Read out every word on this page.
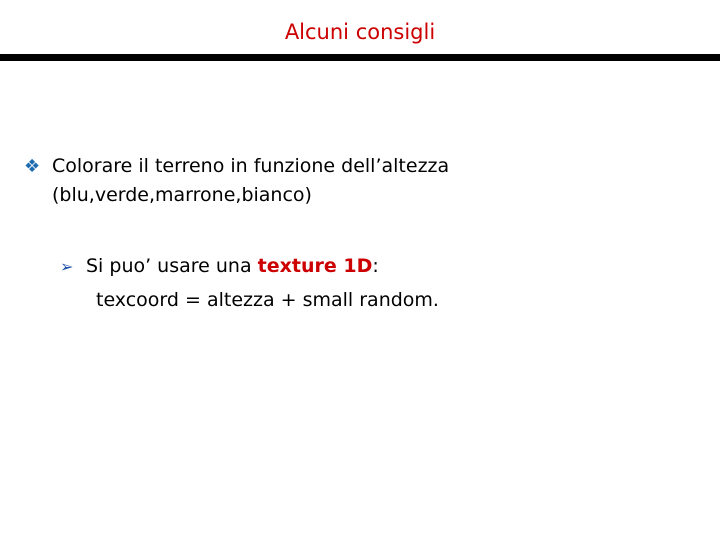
Alcuni consigli
❖ Colorare il terreno in funzione dell’altezza
(blu,verde,marrone,bianco)
➢ Si puo’ usare una texture 1D:
texcoord = altezza + small random.
